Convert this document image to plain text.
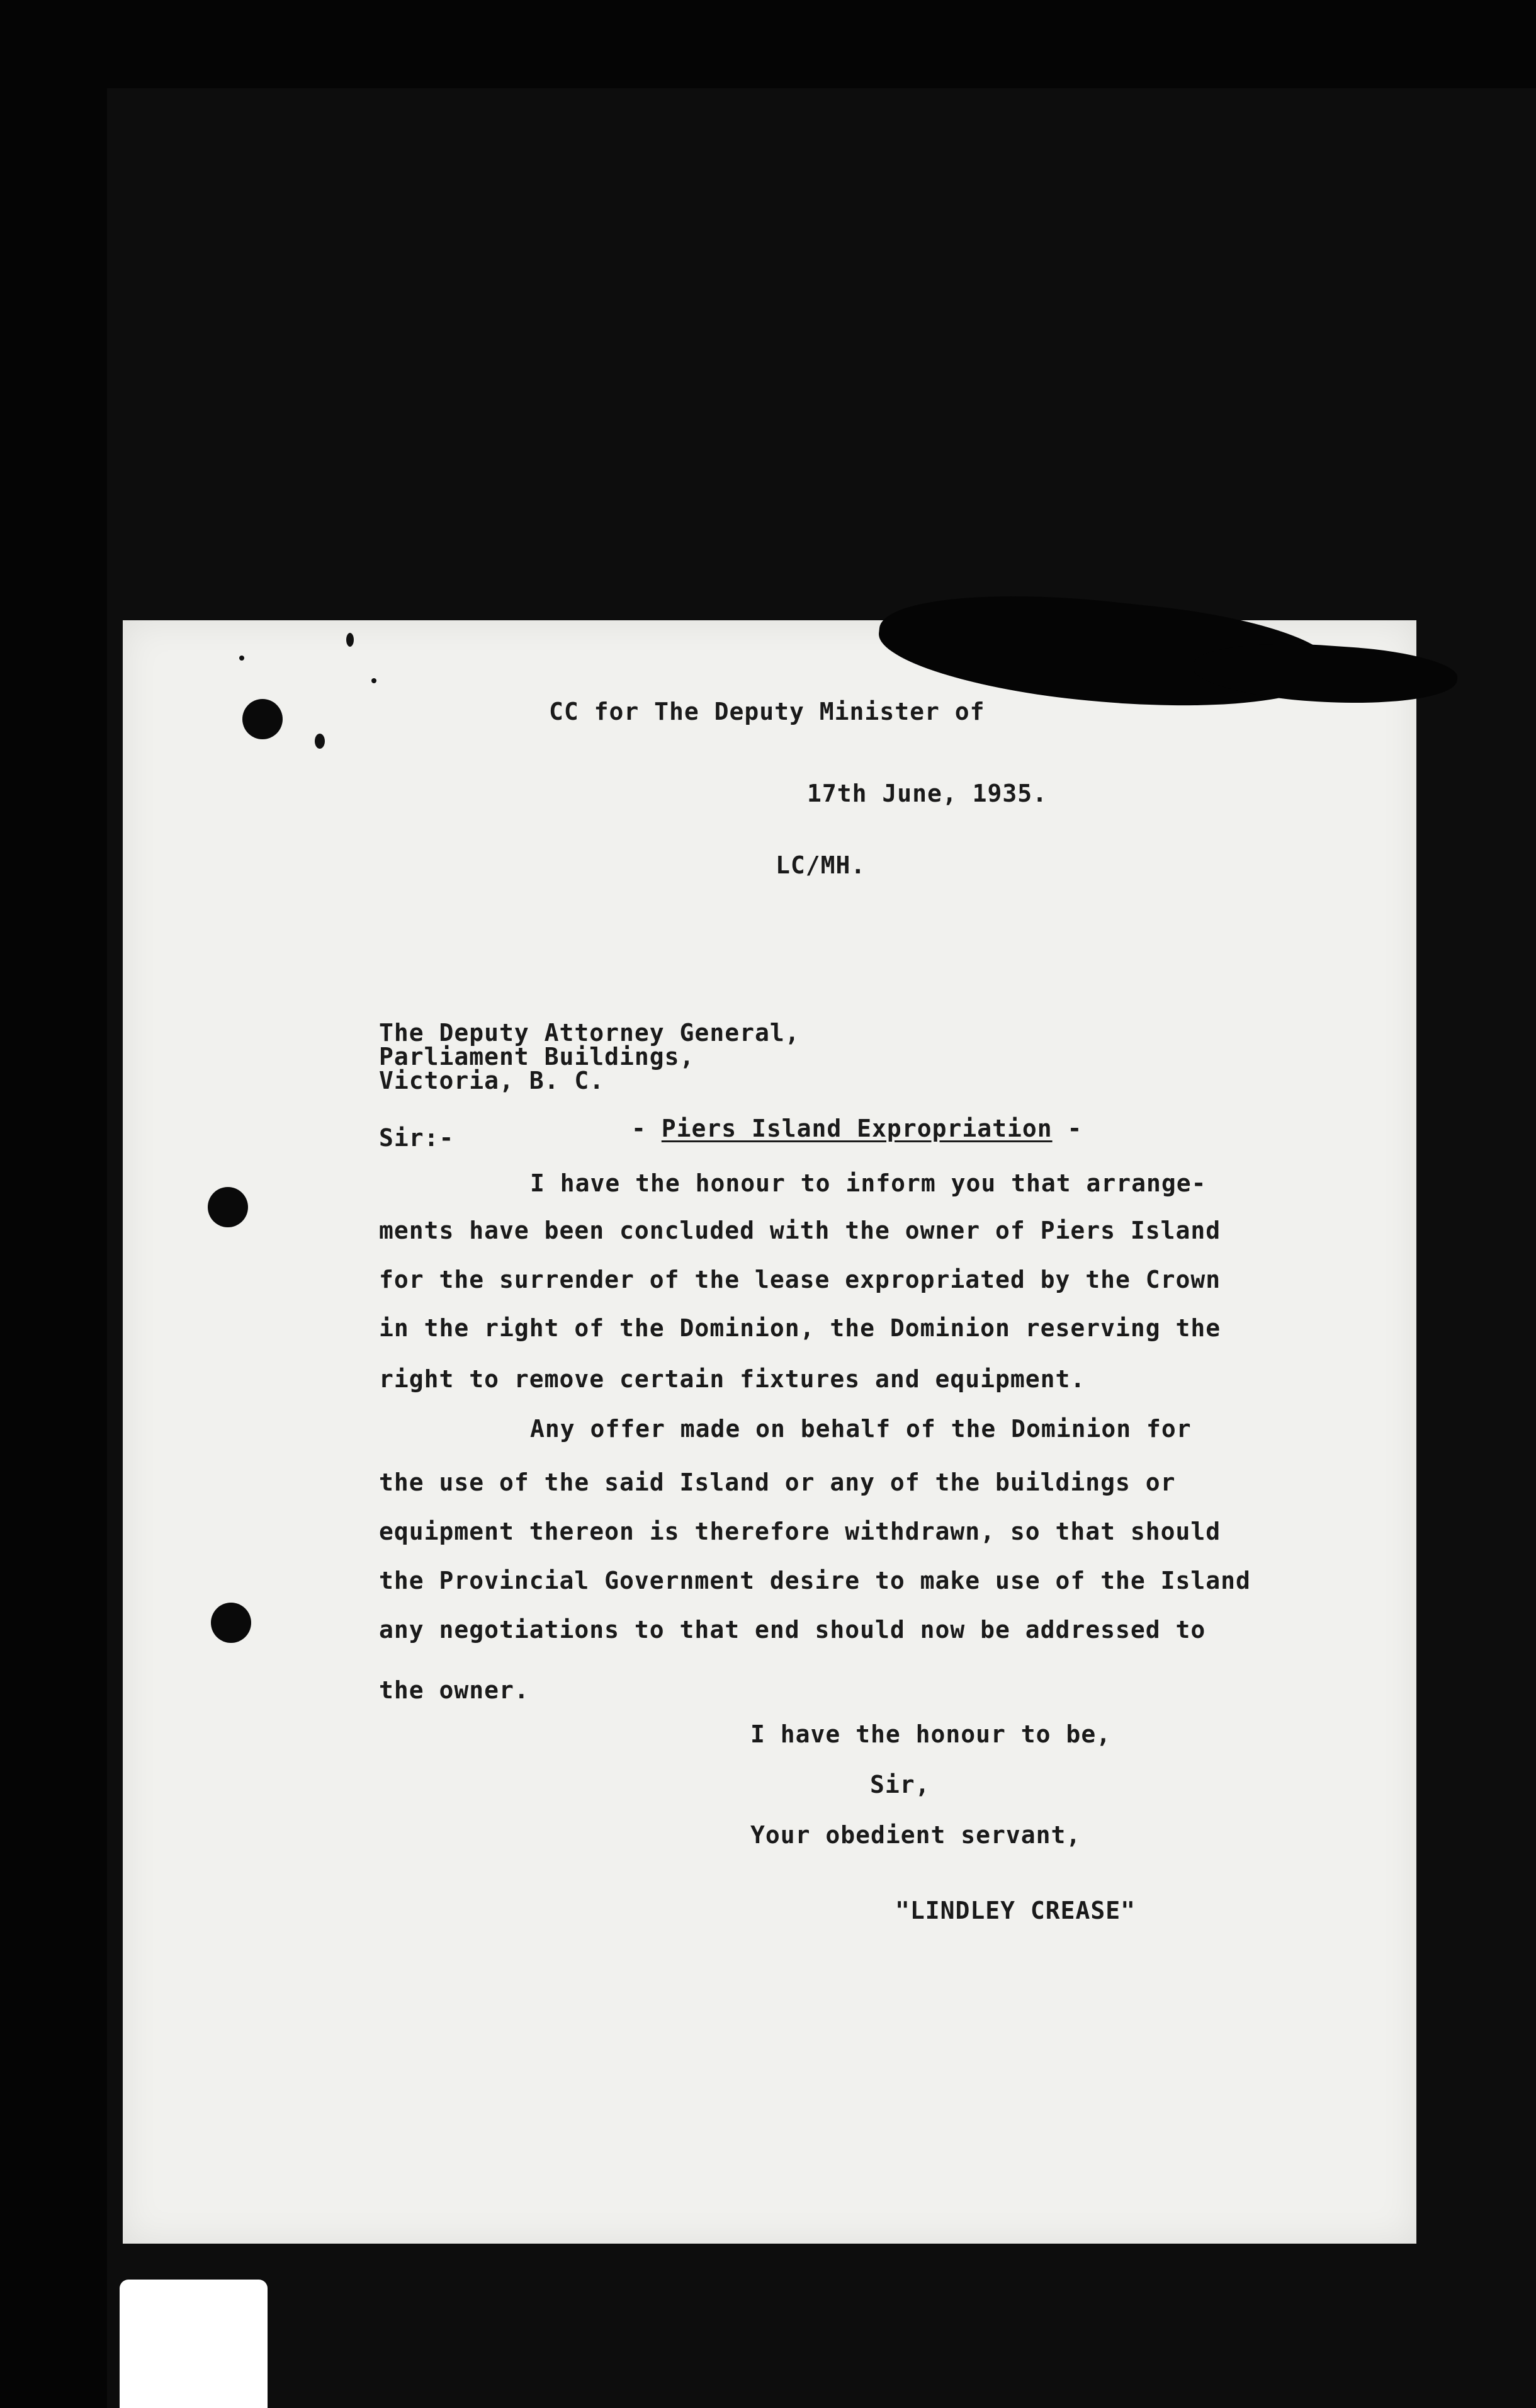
CC for The Deputy Minister of
17th June, 1935.
LC/MH.
The Deputy Attorney General,
Parliament Buildings,
Victoria, B. C.
Sir:-	- Piers Island Expropriation -
I have the honour to inform you that arrange-
ments have been concluded with the owner of Piers Island
for the surrender of the lease expropriated by the Crown
in the right of the Dominion, the Dominion reserving the
right to remove certain fixtures and equipment.
Any offer made on behalf of the Dominion for
the use of the said Island or any of the buildings or
equipment thereon is therefore withdrawn, so that should
the Provincial Government desire to make use of the Island
any negotiations to that end should now be addressed to
the owner.
I have the honour to be,
Sir,
Your obedient servant,
"LINDLEY CREASE"
